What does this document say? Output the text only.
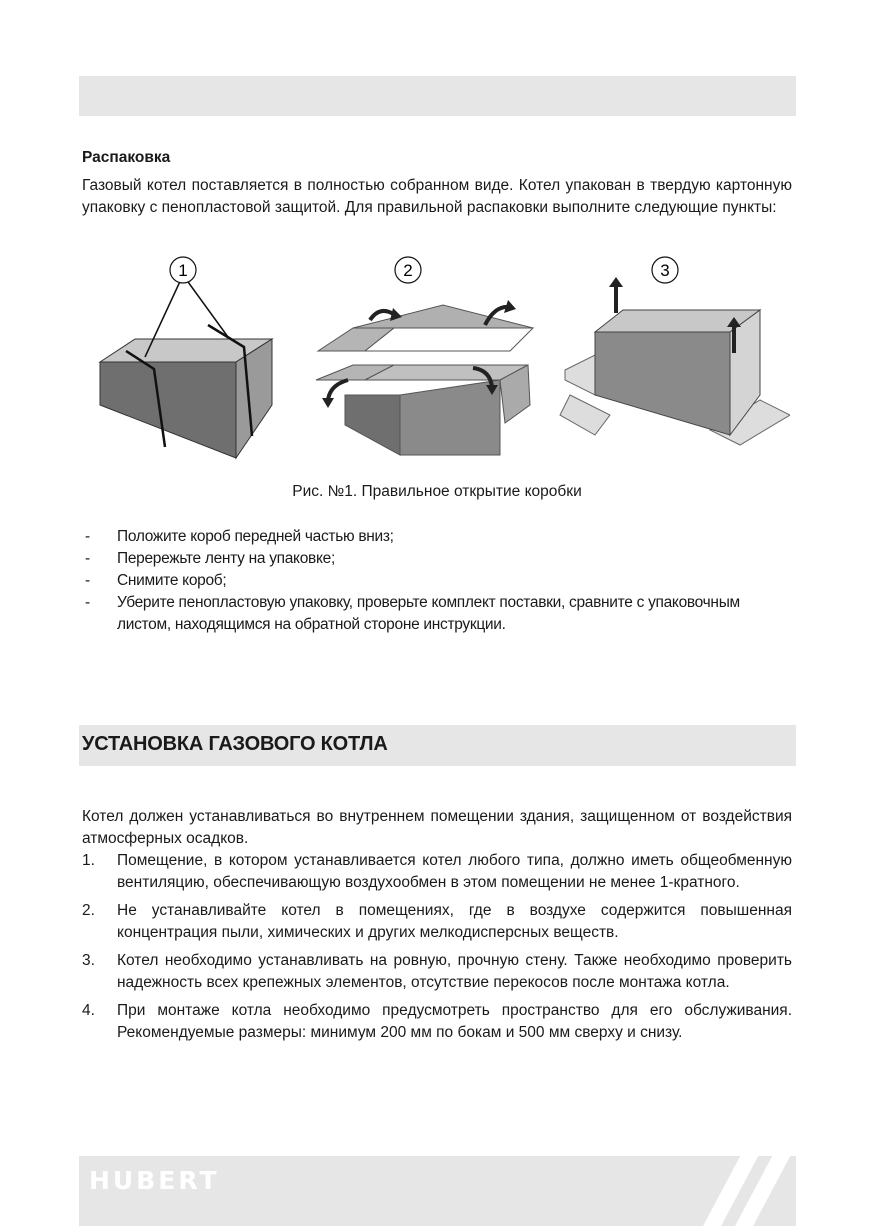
Распаковка

Газовый котел поставляется в полностью собранном виде. Котел упакован в твердую картонную упаковку с пенопластовой защитой. Для правильной распаковки выполните следующие пункты:

1	2	3
Рис. №1. Правильное открытие коробки
- Положите короб передней частью вниз;
- Перережьте ленту на упаковке;
- Снимите короб;
- Уберите пенопластовую упаковку, проверьте комплект поставки, сравните с упаковочным листом, находящимся на обратной стороне инструкции.
УСТАНОВКА ГАЗОВОГО КОТЛА

Котел должен устанавливаться во внутреннем помещении здания, защищенном от воздействия атмосферных осадков.

1. Помещение, в котором устанавливается котел любого типа, должно иметь общеобменную вентиляцию, обеспечивающую воздухообмен в этом помещении не менее 1-кратного.
2. Не устанавливайте котел в помещениях, где в воздухе содержится повышенная концентрация пыли, химических и других мелкодисперсных веществ.
3. Котел необходимо устанавливать на ровную, прочную стену. Также необходимо проверить надежность всех крепежных элементов, отсутствие перекосов после монтажа котла.
4. При монтаже котла необходимо предусмотреть пространство для его обслуживания. Рекомендуемые размеры: минимум 200 мм по бокам и 500 мм сверху и снизу.
HUBERT
